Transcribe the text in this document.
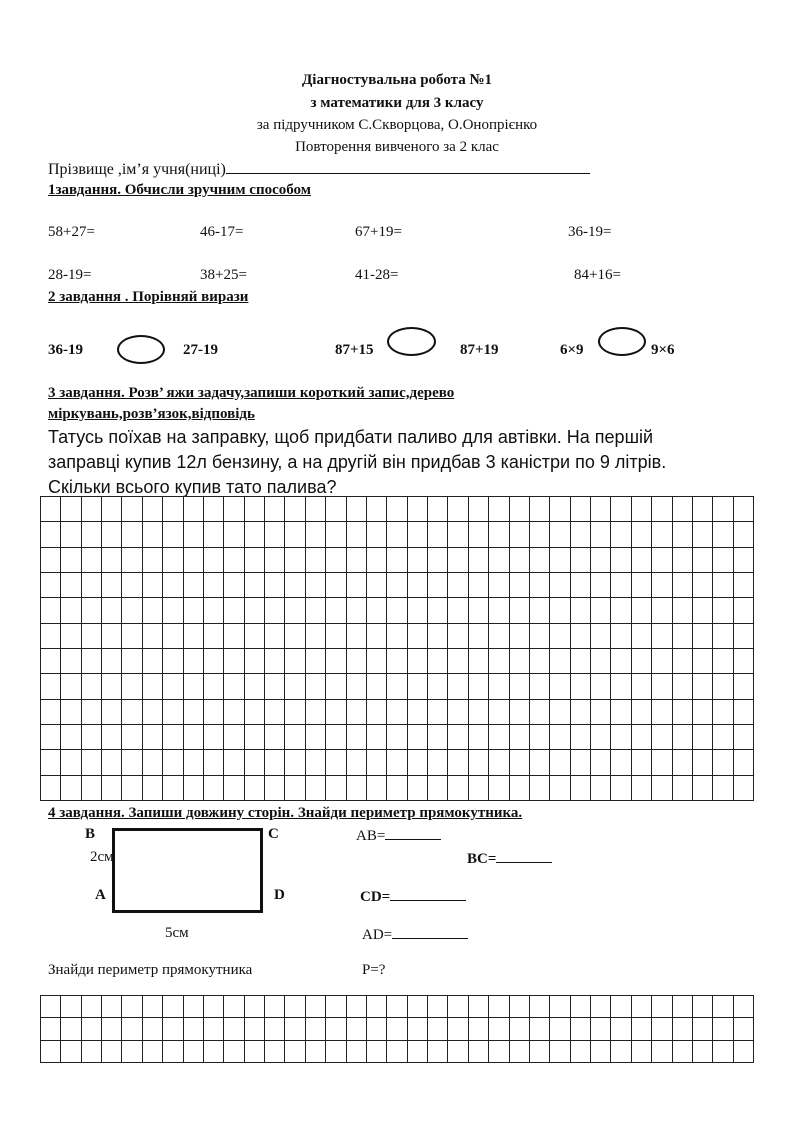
Діагностувальна робота №1
з математики для 3 класу
за підручником С.Скворцова, О.Онопрієнко
Повторення вивченого за 2 клас
Прізвище ,ім’я учня(ниці)
1завдання. Обчисли зручним способом
58+27=	46-17=	67+19=	36-19=
28-19=	38+25=	41-28=	84+16=
2 завдання . Порівняй вирази
36-19	27-19	87+15	87+19	6×9	9×6
3 завдання. Розв’ яжи задачу,запиши короткий запис,дерево
міркувань,розв’язок,відповідь
Татусь поїхав на заправку, щоб придбати паливо для автівки. На першій
заправці купив 12л бензину, а на другій він придбав 3 каністри по 9 літрів.
Скільки всього купив тато палива?
4 завдання. Запиши довжину сторін. Знайди периметр прямокутника.
B	C
A	D
2см
5см
AB=
BC=
CD=
AD=
Знайди периметр прямокутника	P=?
